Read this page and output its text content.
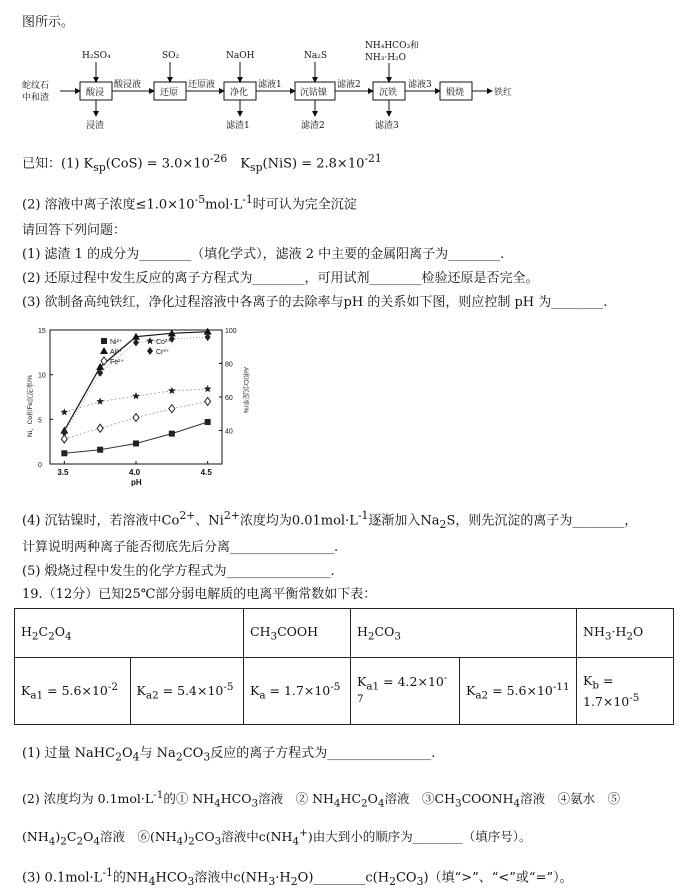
图所示。
蛇纹石
中和渣	酸浸	还原	净化	沉钴镍	沉铁	煅烧	铁红
酸浸液	还原液	滤液1	滤液2	滤液3
H₂SO₄	SO₂	NaOH	Na₂S
NH₄HCO₃和
NH₃·H₂O
浸渣	滤渣1	滤渣2	滤渣3
已知：(1) $K_{sp}(CoS) = 3.0\times 10^{-26}$　$K_{sp}(NiS) = 2.8\times 10^{-21}$
(2) 溶液中离子浓度$\le 1.0\times 10^{-5}mol\cdot L^{-1}$时可认为完全沉淀
请回答下列问题：
(1) 滤渣 1 的成分为________（填化学式），滤液 2 中主要的金属阳离子为________.
(2) 还原过程中发生反应的离子方程式为________，可用试剂________检验还原是否完全。
(3) 欲制备高纯铁红，净化过程溶液中各离子的去除率与pH 的关系如下图，则应控制 pH 为________.
3.5	4.0	4.5
pH
0
5
10
15
40
60
80
100
Ni、Co和Fe沉淀率/%	Al和Cr沉淀率/%
Ni²⁺	Co²⁺
Al³⁺	Cr³⁺
Fe²⁺
(4) 沉钴镍时，若溶液中$Co^{2+}$、$Ni^{2+}$浓度均为$0.01mol\cdot L^{-1}$逐渐加入$Na_2S$，则先沉淀的离子为________，
计算说明两种离子能否彻底先后分离________________.
(5) 煅烧过程中发生的化学方程式为________________.
19.（12分）已知25℃部分弱电解质的电离平衡常数如下表：
$H_2C_2O_4$		$CH_3COOH$	$H_2CO_3$		$NH_3\cdot H_2O$
$K_{a1} = 5.6\times 10^{-2}$	$K_{a2} = 5.4\times 10^{-5}$	$K_a = 1.7\times 10^{-5}$	$K_{a1} = 4.2\times 10^{-7}$	$K_{a2} = 5.6\times 10^{-11}$	$K_b = 1.7\times 10^{-5}$
(1) 过量 $NaHC_2O_4$与 $Na_2CO_3$反应的离子方程式为________________.
(2) 浓度均为 $0.1mol\cdot L^{-1}$的① $NH_4HCO_3$溶液　② $NH_4HC_2O_4$溶液　$③CH_3COONH_4$溶液　④氨水　⑤
$(NH_4)_2C_2O_4$溶液　$⑥(NH_4)_2CO_3$溶液中$c(NH_4^+)$由大到小的顺序为________（填序号）。
(3) $0.1mol\cdot L^{-1}$的$NH_4HCO_3$溶液中$c(NH_3\cdot H_2O)\_\_\_\_\_\_\_\_c(H_2CO_3)$（填“>”、“<”或“=”）。
